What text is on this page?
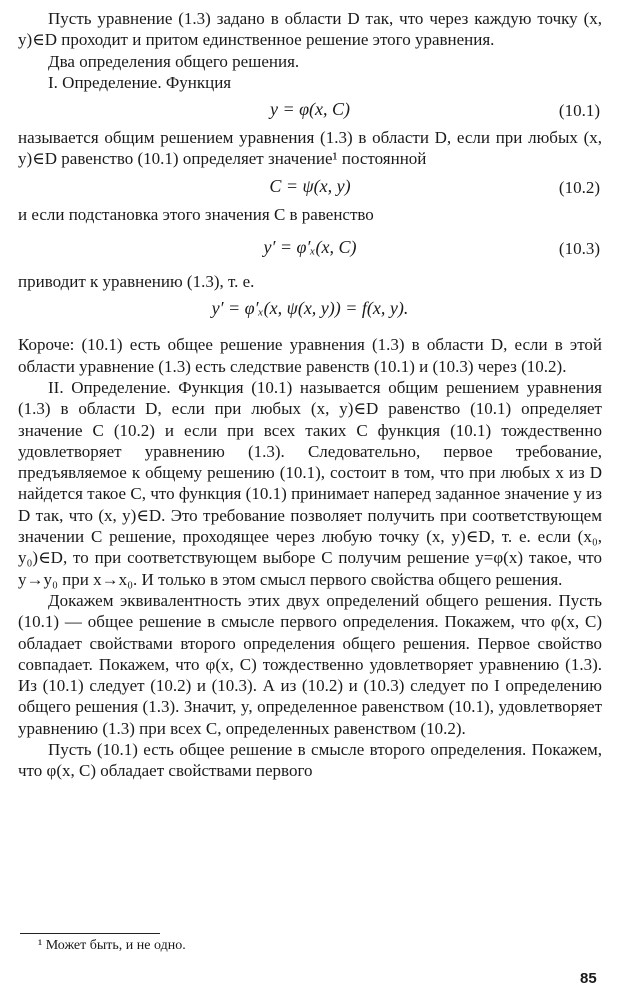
Пусть уравнение (1.3) задано в области D так, что через каждую точку (x, y)∈D проходит и притом единственное решение этого уравнения.

Два определения общего решения.

I. Определение. Функция

y = φ(x, C)	(10.1)

называется общим решением уравнения (1.3) в области D, если при любых (x, y)∈D равенство (10.1) определяет значение¹ постоянной

C = ψ(x, y)	(10.2)

и если подстановка этого значения C в равенство

y′ = φ′ₓ(x, C)	(10.3)

приводит к уравнению (1.3), т. е.

y′ = φ′ₓ(x, ψ(x, y)) = f(x, y).

Короче: (10.1) есть общее решение уравнения (1.3) в области D, если в этой области уравнение (1.3) есть следствие равенств (10.1) и (10.3) через (10.2).

II. Определение. Функция (10.1) называется общим решением уравнения (1.3) в области D, если при любых (x, y)∈D равенство (10.1) определяет значение C (10.2) и если при всех таких C функция (10.1) тождественно удовлетворяет уравнению (1.3). Следовательно, первое требование, предъявляемое к общему решению (10.1), состоит в том, что при любых x из D найдется такое C, что функция (10.1) принимает наперед заданное значение y из D так, что (x, y)∈D. Это требование позволяет получить при соответствующем значении C решение, проходящее через любую точку (x, y)∈D, т. е. если (x₀, y₀)∈D, то при соответствующем выборе C получим решение y=φ(x) такое, что y→y₀ при x→x₀. И только в этом смысл первого свойства общего решения.

Докажем эквивалентность этих двух определений общего решения. Пусть (10.1) — общее решение в смысле первого определения. Покажем, что φ(x, C) обладает свойствами второго определения общего решения. Первое свойство совпадает. Покажем, что φ(x, C) тождественно удовлетворяет уравнению (1.3). Из (10.1) следует (10.2) и (10.3). А из (10.2) и (10.3) следует по I определению общего решения (1.3). Значит, y, определенное равенством (10.1), удовлетворяет уравнению (1.3) при всех C, определенных равенством (10.2).

Пусть (10.1) есть общее решение в смысле второго определения. Покажем, что φ(x, C) обладает свойствами первого

¹ Может быть, и не одно.
85
